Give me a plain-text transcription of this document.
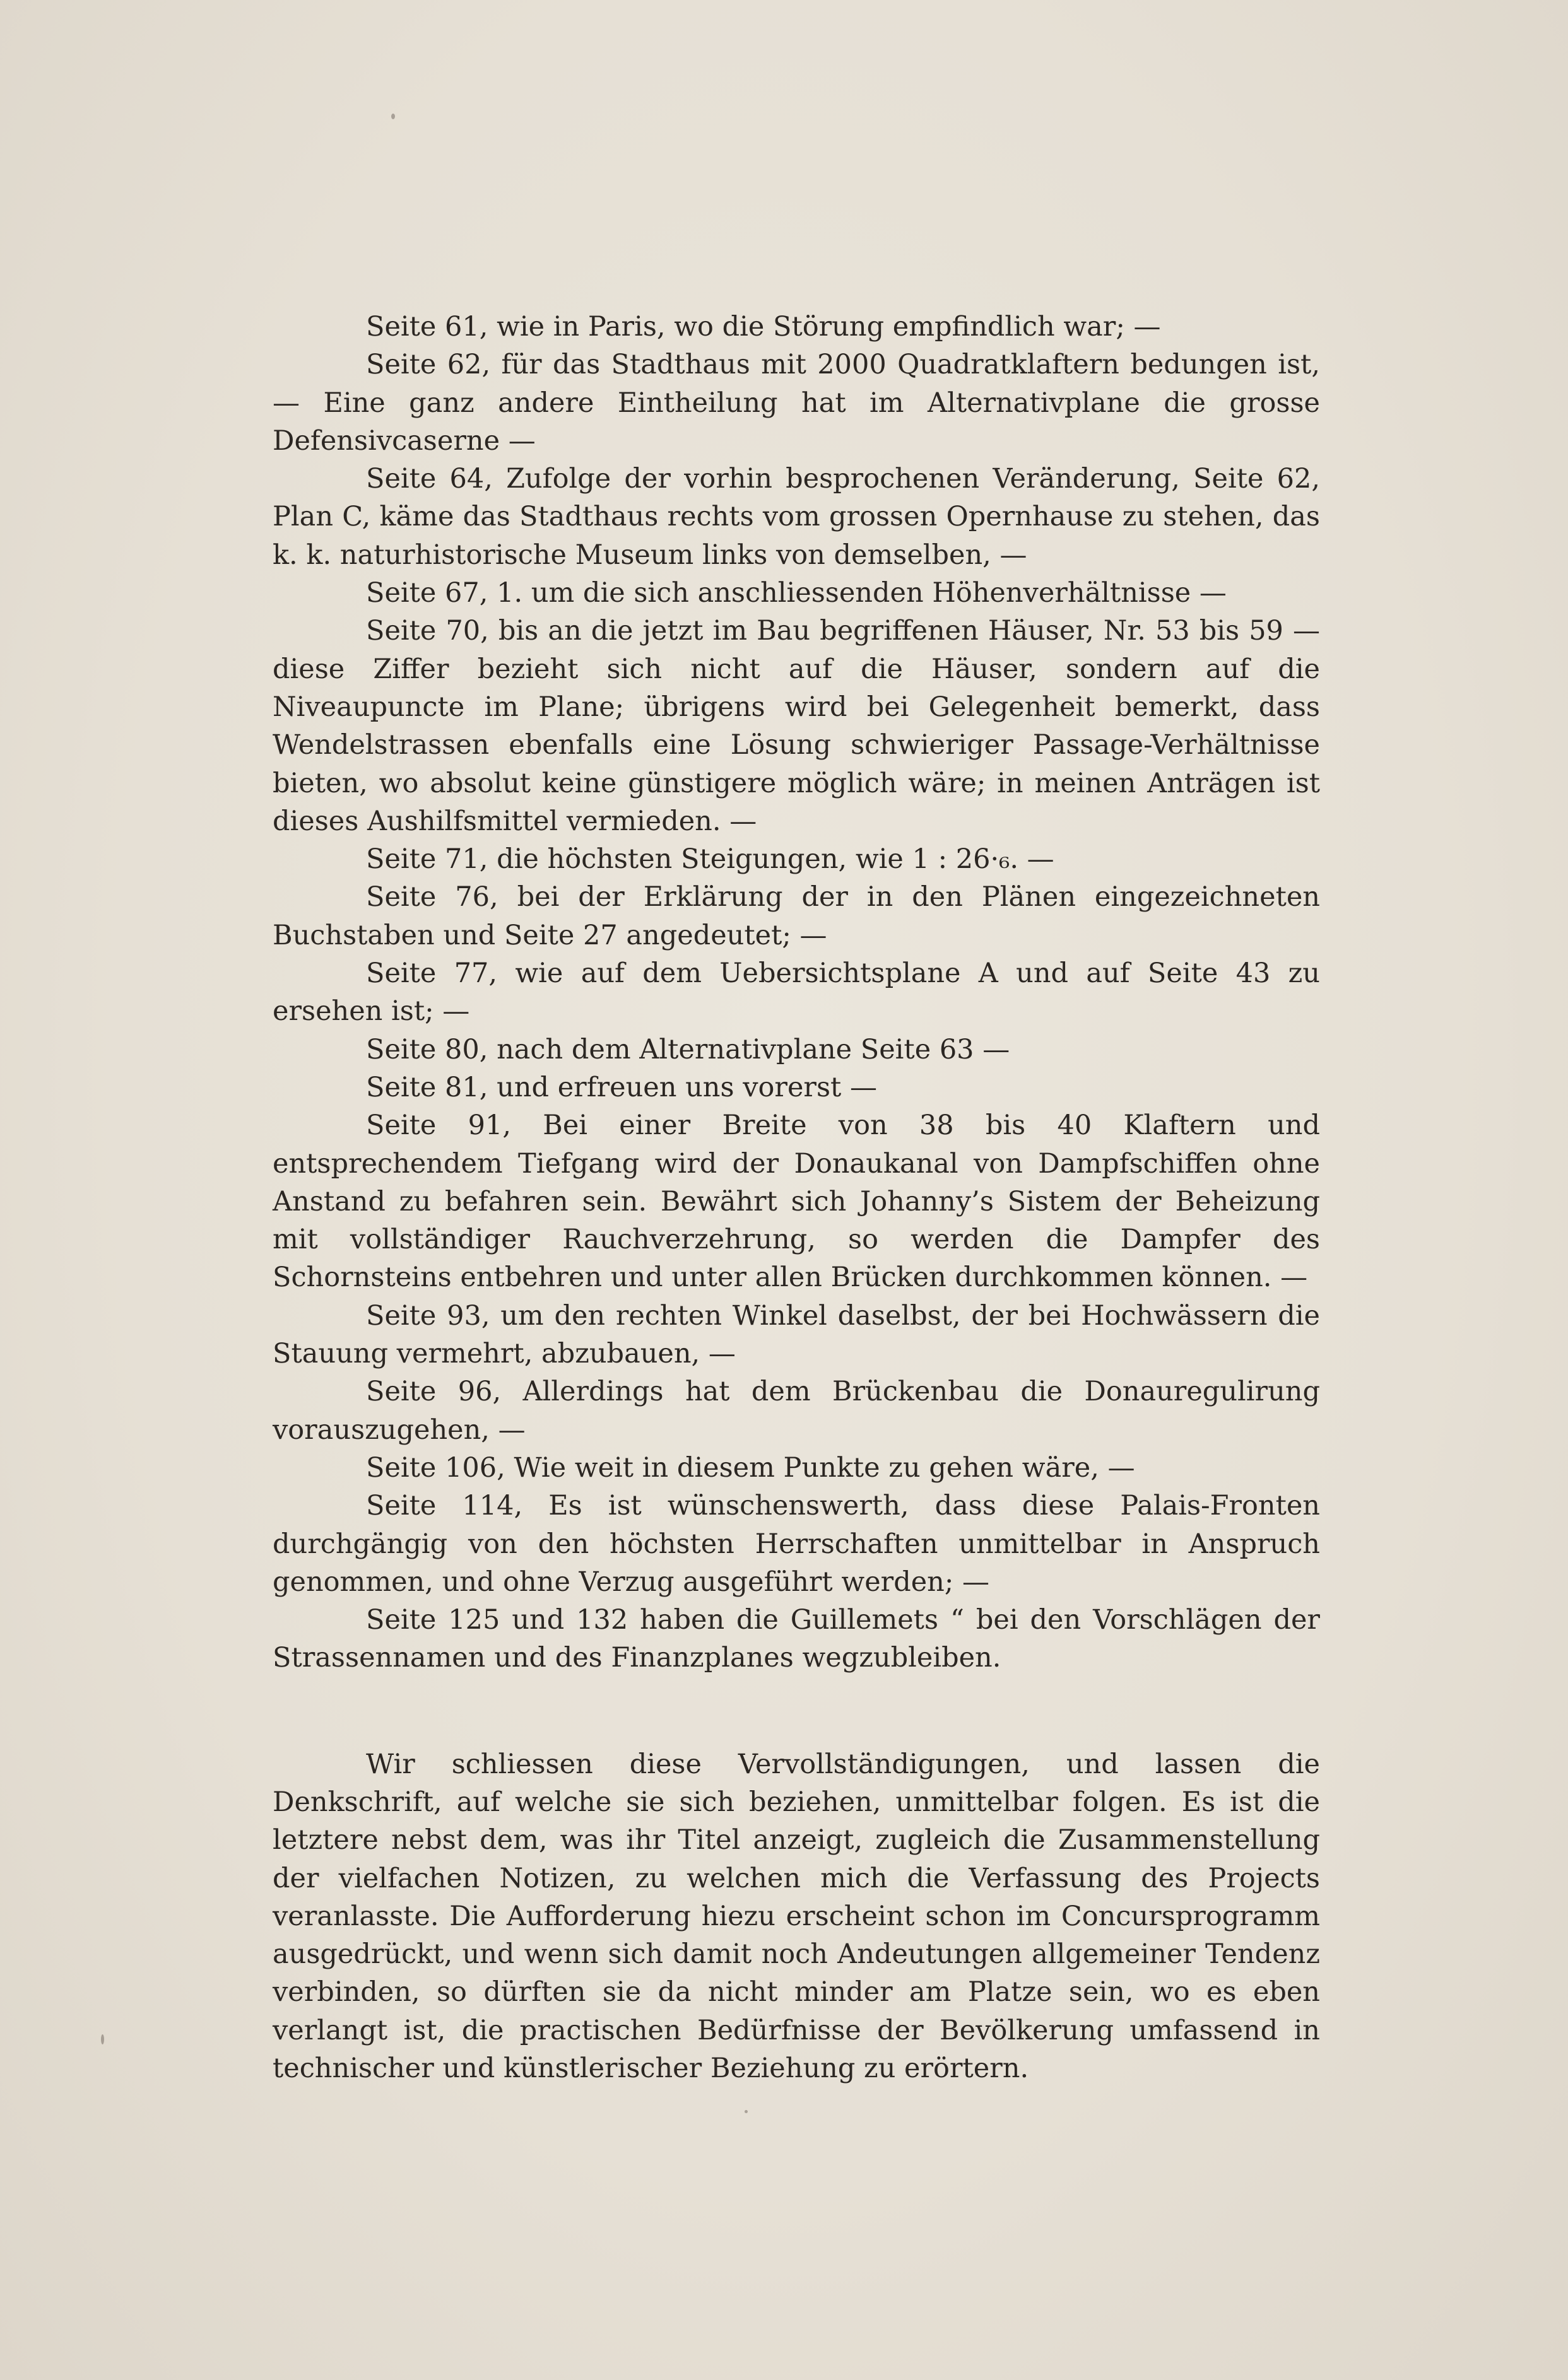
Seite 61, wie in Paris, wo die Störung empfindlich war; —

Seite 62, für das Stadthaus mit 2000 Quadratklaftern bedungen ist, — Eine ganz andere Eintheilung hat im Alternativplane die grosse Defensivcaserne —

Seite 64, Zufolge der vorhin besprochenen Veränderung, Seite 62, Plan C, käme das Stadthaus rechts vom grossen Opernhause zu stehen, das k. k. naturhistorische Museum links von demselben, —

Seite 67, 1. um die sich anschliessenden Höhenverhältnisse —

Seite 70, bis an die jetzt im Bau begriffenen Häuser, Nr. 53 bis 59 — diese Ziffer bezieht sich nicht auf die Häuser, sondern auf die Niveaupuncte im Plane; übrigens wird bei Gelegenheit bemerkt, dass Wendelstrassen ebenfalls eine Lösung schwieriger Passage-Verhältnisse bieten, wo absolut keine günstigere möglich wäre; in meinen Anträgen ist dieses Aushilfsmittel vermieden. —

Seite 71, die höchsten Steigungen, wie 1 : 26·₆. —

Seite 76, bei der Erklärung der in den Plänen eingezeichneten Buchstaben und Seite 27 angedeutet; —

Seite 77, wie auf dem Uebersichtsplane A und auf Seite 43 zu ersehen ist; —

Seite 80, nach dem Alternativplane Seite 63 —

Seite 81, und erfreuen uns vorerst —

Seite 91, Bei einer Breite von 38 bis 40 Klaftern und entsprechendem Tiefgang wird der Donaukanal von Dampfschiffen ohne Anstand zu befahren sein. Bewährt sich Johanny’s Sistem der Beheizung mit vollständiger Rauchverzehrung, so werden die Dampfer des Schornsteins entbehren und unter allen Brücken durchkommen können. —

Seite 93, um den rechten Winkel daselbst, der bei Hochwässern die Stauung vermehrt, abzubauen, —

Seite 96, Allerdings hat dem Brückenbau die Donauregulirung vorauszugehen, —

Seite 106, Wie weit in diesem Punkte zu gehen wäre, —

Seite 114, Es ist wünschenswerth, dass diese Palais-Fronten durchgängig von den höchsten Herrschaften unmittelbar in Anspruch genommen, und ohne Verzug ausgeführt werden; —

Seite 125 und 132 haben die Guillemets “ bei den Vorschlägen der Strassennamen und des Finanzplanes wegzubleiben.

Wir schliessen diese Vervollständigungen, und lassen die Denkschrift, auf welche sie sich beziehen, unmittelbar folgen. Es ist die letztere nebst dem, was ihr Titel anzeigt, zugleich die Zusammenstellung der vielfachen Notizen, zu welchen mich die Verfassung des Projects veranlasste. Die Aufforderung hiezu erscheint schon im Concursprogramm ausgedrückt, und wenn sich damit noch Andeutungen allgemeiner Tendenz verbinden, so dürften sie da nicht minder am Platze sein, wo es eben verlangt ist, die practischen Bedürfnisse der Bevölkerung umfassend in technischer und künstlerischer Beziehung zu erörtern.
